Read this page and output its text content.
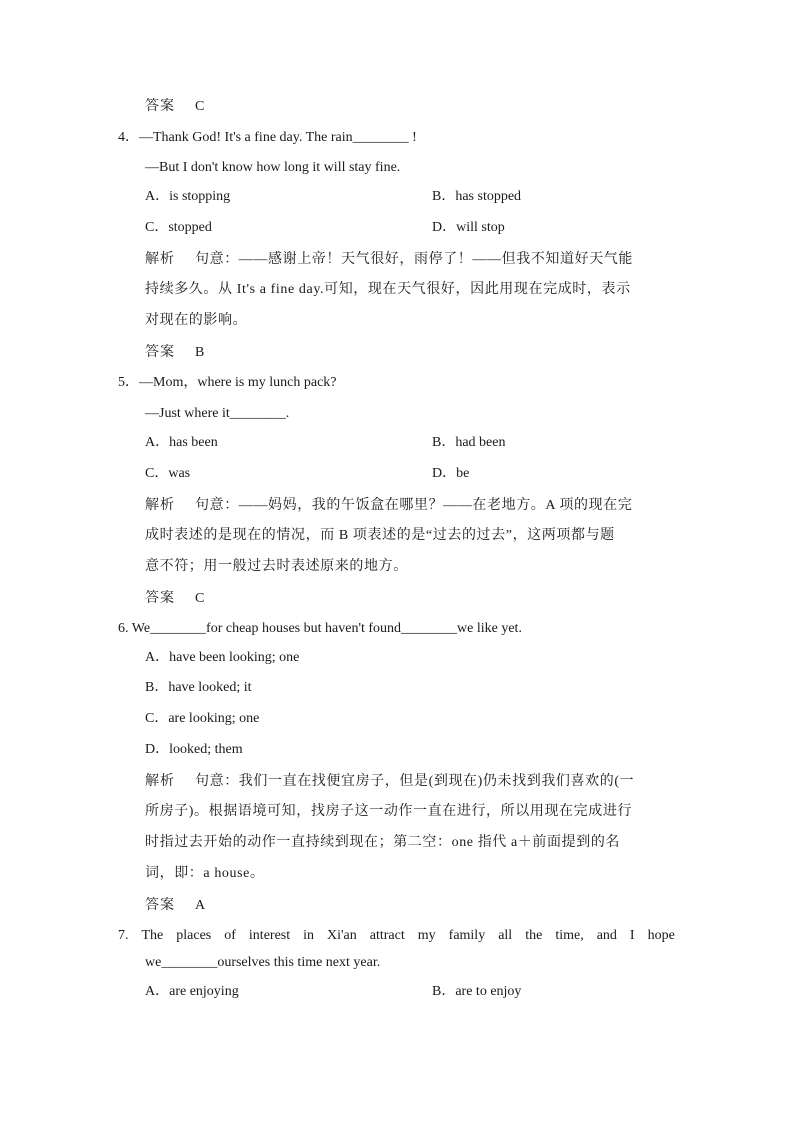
答案 C
4．—Thank God! It's a fine day. The rain________ !
—But I don't know how long it will stay fine.
A．is stopping	B．has stopped
C．stopped	D．will stop
解析 句意：——感谢上帝！天气很好，雨停了！——但我不知道好天气能
持续多久。从 It's a fine day.可知，现在天气很好，因此用现在完成时，表示
对现在的影响。
答案 B
5．—Mom，where is my lunch pack?
—Just where it________.
A．has been	B．had been
C．was	D．be
解析 句意：——妈妈，我的午饭盒在哪里？——在老地方。A 项的现在完
成时表述的是现在的情况，而 B 项表述的是“过去的过去”，这两项都与题
意不符；用一般过去时表述原来的地方。
答案 C
6. We________for cheap houses but haven't found________we like yet.
A．have been looking; one
B．have looked; it
C．are looking; one
D．looked; them
解析 句意：我们一直在找便宜房子，但是(到现在)仍未找到我们喜欢的(一
所房子)。根据语境可知，找房子这一动作一直在进行，所以用现在完成进行
时指过去开始的动作一直持续到现在；第二空：one 指代 a＋前面提到的名
词，即：a house。
答案 A
7. The places of interest in Xi'an attract my family all the time, and I hope
we________ourselves this time next year.
A．are enjoying	B．are to enjoy
